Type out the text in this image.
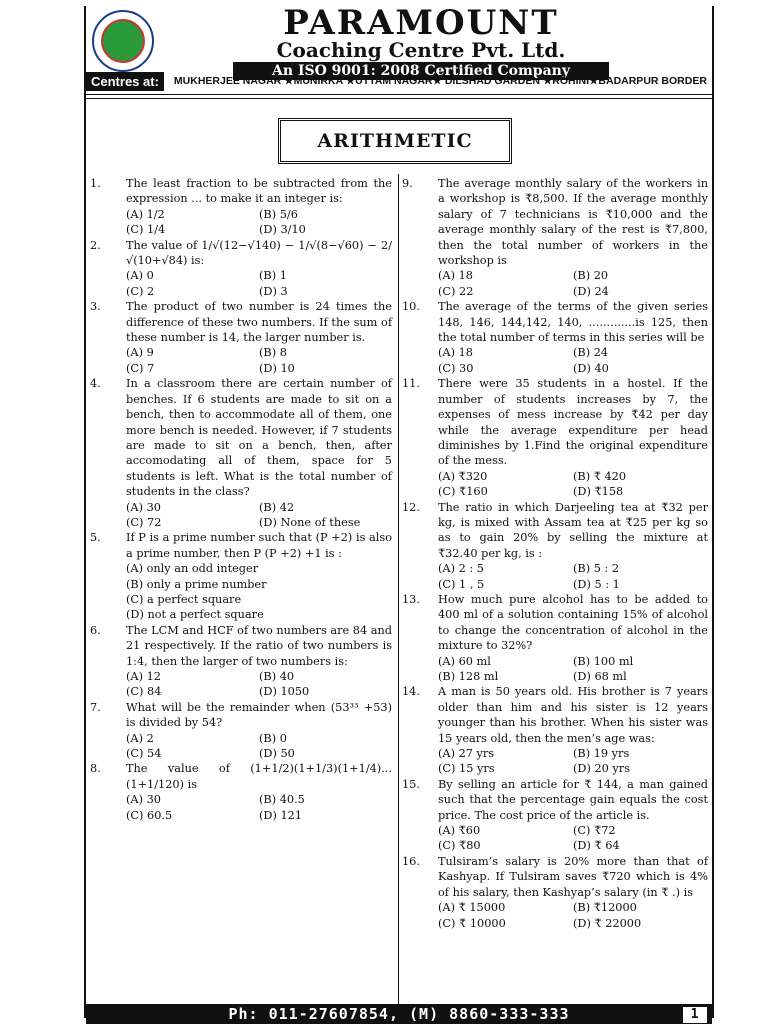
PARAMOUNT
Coaching Centre Pvt. Ltd.
An ISO 9001: 2008 Certified Company
Centres at:	MUKHERJEE NAGAR ★MUNIRKA ★UTTAM NAGAR★ DILSHAD GARDEN ★ROHINI★BADARPUR BORDER
ARITHMETIC
1. The least fraction to be subtracted from the expression ... to make it an integer is:
(A) 1/2	(B) 5/6
(C) 1/4	(D) 3/10
2. The value of 1/√(12−√140) − 1/√(8−√60) − 2/√(10+√84) is:
(A) 0	(B) 1
(C) 2	(D) 3
3. The product of two number is 24 times the difference of these two numbers. If the sum of these number is 14, the larger number is.
(A) 9	(B) 8
(C) 7	(D) 10
4. In a classroom there are certain number of benches. If 6 students are made to sit on a bench, then to accommodate all of them, one more bench is needed. However, if 7 students are made to sit on a bench, then, after accomodating all of them, space for 5 students is left. What is the total number of students in the class?
(A) 30	(B) 42
(C) 72	(D) None of these
5. If P is a prime number such that (P +2) is also a prime number, then P (P +2) +1 is :
(A) only an odd integer
(B) only a prime number
(C) a perfect square
(D) not a perfect square
6. The LCM and HCF of two numbers are 84 and 21 respectively. If the ratio of two numbers is 1:4, then the larger of two numbers is:
(A) 12	(B) 40
(C) 84	(D) 1050
7. What will be the remainder when (53³³ +53) is divided by 54?
(A) 2	(B) 0
(C) 54	(D) 50
8. The value of (1+1/2)(1+1/3)(1+1/4)...(1+1/120) is
(A) 30	(B) 40.5
(C) 60.5	(D) 121
9. The average monthly salary of the workers in a workshop is ₹8,500. If the average monthly salary of 7 technicians is ₹10,000 and the average monthly salary of the rest is ₹7,800, then the total number of workers in the workshop is
(A) 18	(B) 20
(C) 22	(D) 24
10. The average of the terms of the given series 148, 146, 144,142, 140, .............is 125, then the total number of terms in this series will be
(A) 18	(B) 24
(C) 30	(D) 40
11. There were 35 students in a hostel. If the number of students increases by 7, the expenses of mess increase by ₹42 per day while the average expenditure per head diminishes by 1.Find the original expenditure of the mess.
(A) ₹320	(B) ₹ 420
(C) ₹160	(D) ₹158
12. The ratio in which Darjeeling tea at ₹32 per kg, is mixed with Assam tea at ₹25 per kg so as to gain 20% by selling the mixture at ₹32.40 per kg, is :
(A) 2 : 5	(B) 5 : 2
(C) 1 , 5	(D) 5 : 1
13. How much pure alcohol has to be added to 400 ml of a solution containing 15% of alcohol to change the concentration of alcohol in the mixture to 32%?
(A) 60 ml	(B) 100 ml
(B) 128 ml	(D) 68 ml
14. A man is 50 years old. His brother is 7 years older than him and his sister is 12 years younger than his brother. When his sister was 15 years old, then the men’s age was:
(A) 27 yrs	(B) 19 yrs
(C) 15 yrs	(D) 20 yrs
15. By selling an article for ₹ 144, a man gained such that the percentage gain equals the cost price. The cost price of the article is.
(A) ₹60	(C) ₹72
(C) ₹80	(D) ₹ 64
16. Tulsiram’s salary is 20% more than that of Kashyap. If Tulsiram saves ₹720 which is 4% of his salary, then Kashyap’s salary (in ₹ .) is
(A) ₹ 15000	(B) ₹12000
(C) ₹ 10000	(D) ₹ 22000
Ph: 011-27607854, (M) 8860-333-333	1
